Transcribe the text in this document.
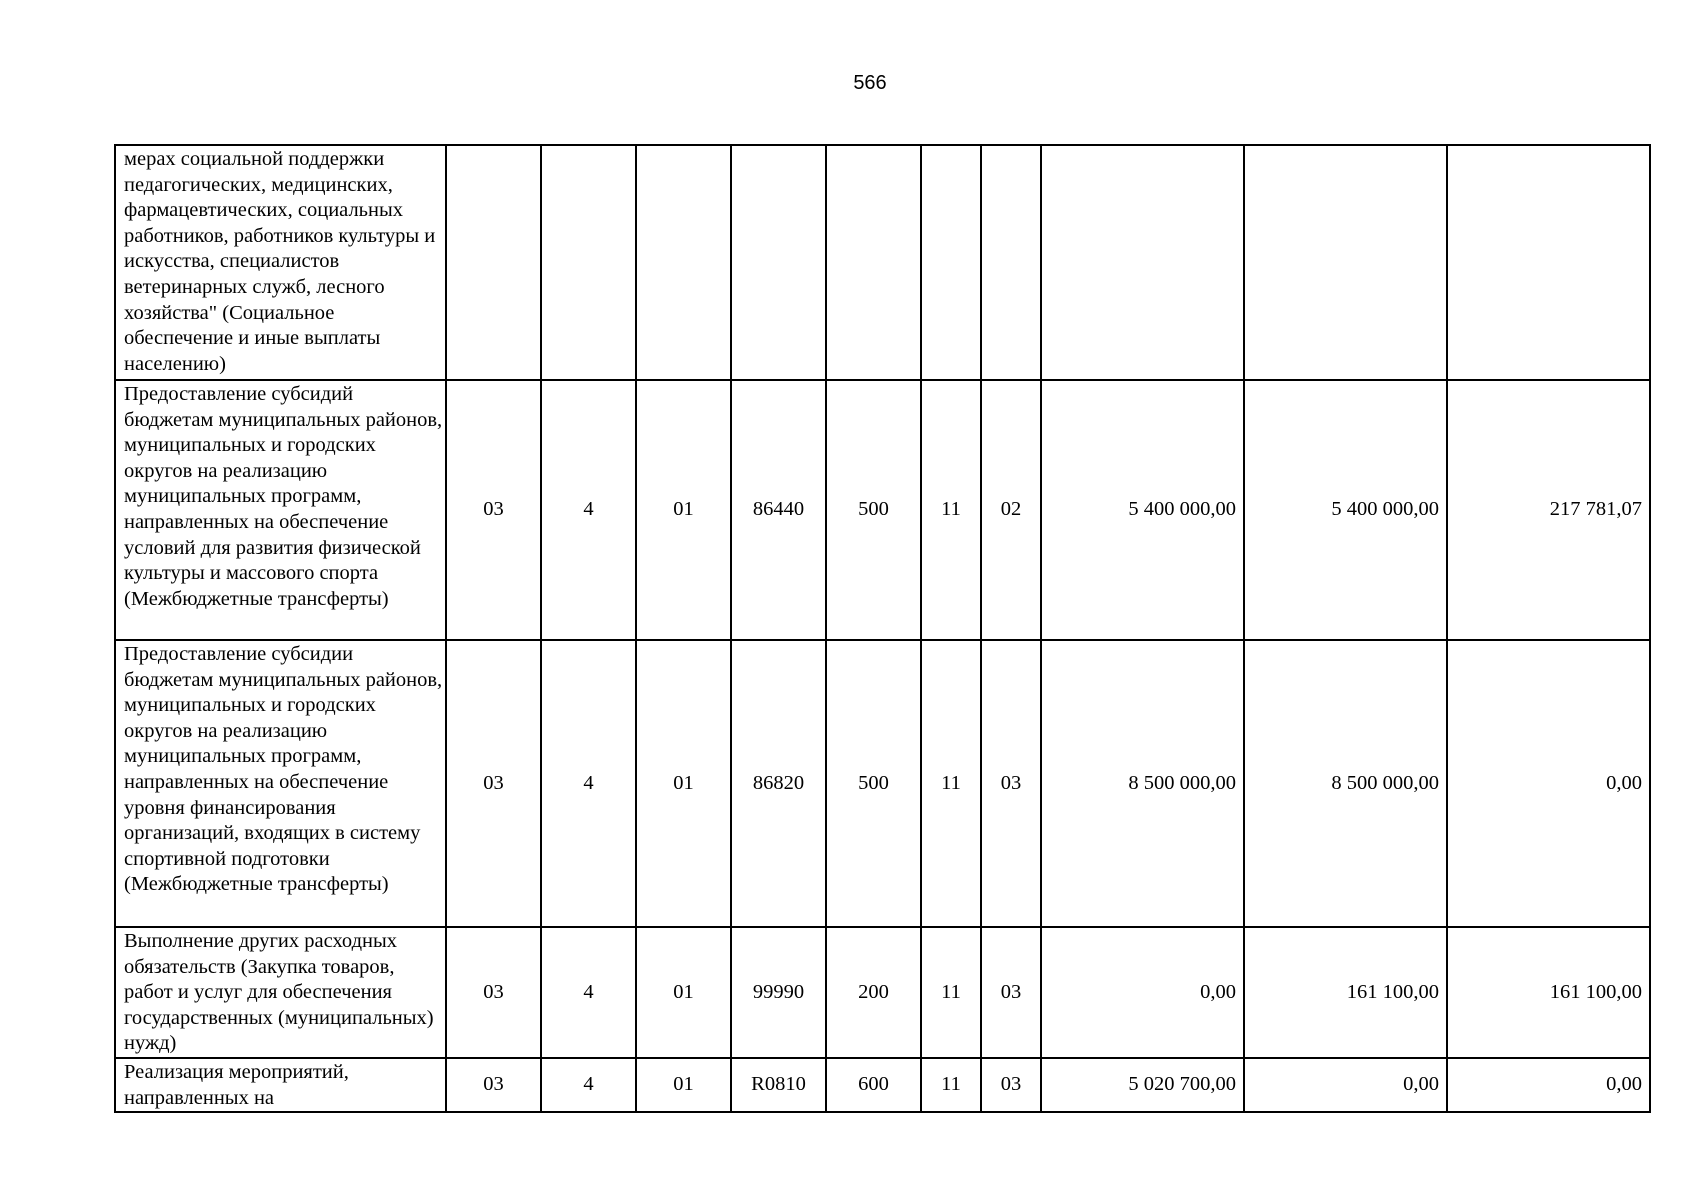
566
мерах социальной поддержки педагогических, медицинских, фармацевтических, социальных работников, работников культуры и искусства, специалистов ветеринарных служб, лесного хозяйства" (Социальное обеспечение и иные выплаты населению)										
Предоставление субсидий бюджетам муниципальных районов, муниципальных и городских округов на реализацию муниципальных программ, направленных на обеспечение условий для развития физической культуры и массового спорта (Межбюджетные трансферты)	03	4	01	86440	500	11	02	5 400 000,00	5 400 000,00	217 781,07
Предоставление субсидии бюджетам муниципальных районов, муниципальных и городских округов на реализацию муниципальных программ, направленных на обеспечение уровня финансирования организаций, входящих в систему спортивной подготовки (Межбюджетные трансферты)	03	4	01	86820	500	11	03	8 500 000,00	8 500 000,00	0,00
Выполнение других расходных обязательств (Закупка товаров, работ и услуг для обеспечения государственных (муниципальных) нужд)	03	4	01	99990	200	11	03	0,00	161 100,00	161 100,00
Реализация мероприятий, направленных на	03	4	01	R0810	600	11	03	5 020 700,00	0,00	0,00
